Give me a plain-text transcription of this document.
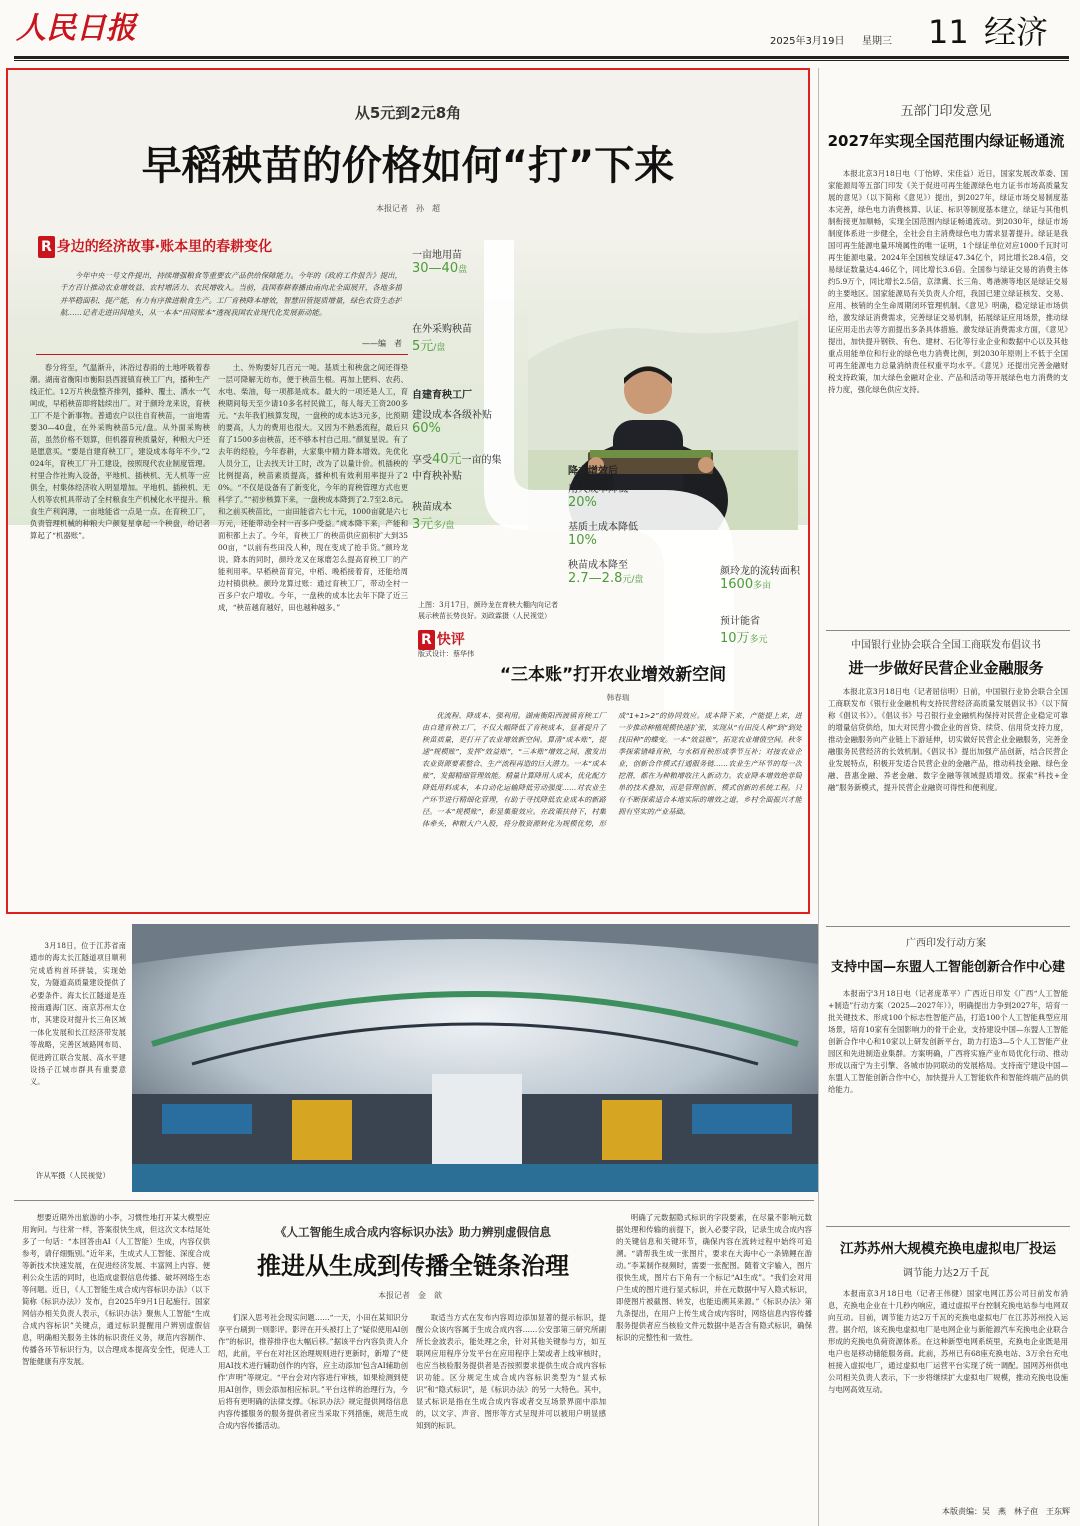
人民日报	2025年3月19日	星期三	11 经济
从5元到2元8角
早稻秧苗的价格如何“打”下来
本报记者　孙　超
R 身边的经济故事·账本里的春耕变化

今年中央一号文件提出，持续增强粮食等重要农产品供给保障能力。今年的《政府工作报告》提出，千方百计推动农业增效益、农村增活力、农民增收入。当前，我国春耕春播由南向北全面展开，各地多措并举稳面积、提产能，有力有序推进粮食生产。工厂育秧降本增效，智慧田管提质增量，绿色农资生态护航……记者走进田间地头，从一本本“田间账本”透视我国农业现代化发展新动能。

——编　者

春分将至，气温渐升，沐浴过春雨的土地呼吸着春潮。湖南省衡阳市衡阳县西渡镇育秧工厂内，播种生产线正忙。12万片秧盘整齐排列，播种、覆土、洒水一气呵成，早稻秧苗即将陆续出厂。对于颜玲龙来说，育秧工厂不是个新事物。普通农户以往自育秧苗，一亩地需要30—40盘，在外采购秧苗5元/盘。从外面采购秧苗，虽然价格不划算，但机器育秧质量好，种粮大户还是愿意买。“要是自建育秧工厂，建设成本每年不少。”2024年，育秧工厂升工建设，按照现代农业制度管理。村里合作社购入设备，平地机、插秧机、无人机等一应俱全，村集体经济收入明显增加。平地机、插秧机、无人机等农机具带动了全村粮食生产机械化水平提升。粮食生产利润薄，一亩地能省一点是一点。在育秧工厂，负责管理机械的种粮大户颜复星拿起一个秧盘，给记者算起了“机器账”。

土、外购要好几百元一吨。基质土和秧盘之间还得垫一层可降解无纺布，便于秧苗生根。再加上肥料、农药、水电、柴油，每一项都是成本。最大的一项还是人工，育秧期间每天至少请10多名村民做工，每人每天工资200多元。“去年我们核算发现，一盘秧的成本达3元多，比预期的要高，人力的费用也很大。又因为不熟悉流程，最后只育了1500多亩秧苗，还不够本村自己用。”颜复星说。有了去年的经验，今年春耕，大家集中精力降本增效。先优化人员分工，让去找天计工时，改为了以量计价。机插秧的比例提高，秧苗素质提高，播种机有效利用率提升了20%。“不仅是设备有了新变化，今年的育秧管理方式也更科学了。”“初步核算下来，一盘秧成本降到了2.7至2.8元。和之前买秧苗比，一亩田能省六七十元，1000亩就是六七万元，还能带动全村一百多户受益。”成本降下来，产能和面积都上去了。今年，育秧工厂的秧苗供应面积扩大到3500亩，“以前有些田没人种，现在变成了抢手货。”颜玲龙说。降本的同时，颜玲龙又在琢磨怎么提高育秧工厂的产能利用率。早稻秧苗育完，中稻、晚稻接着育，还能给周边村镇供秧。颜玲龙算过账：通过育秧工厂，带动全村一百多户农户增收。今年，一盘秧的成本比去年下降了近三成，“秧苗越育越好，田也越种越多。”

一亩地用苗
30—40盘
在外采购秧苗
5元/盘
自建育秧工厂
建设成本各级补贴
60%
享受40元一亩的集中育秧补贴
秧苗成本
3元多/盘
降本增效后
用人成本降低
20%
基质土成本降低
10%
秧苗成本降至
2.7—2.8元/盘
颜玲龙的流转面积
1600多亩
预计能省
10万多元
上图：3月17日，颜玲龙在育秧大棚内向记者展示秧苗长势良好。刘政霖摄（人民视觉）
版式设计：蔡华伟
R 快评
“三本账”打开农业增效新空间
韩春瑞

优流程、降成本、强利用。湖南衡阳西渡镇育秧工厂由自建育秧工厂，不仅大幅降低了育秧成本，显著提升了秧苗质量，更打开了农业增效新空间。算清“成本账”，提速“规模账”，发挥“效益账”，“三本账”增效之间，激发出农业资源要素整合、生产流程再造的巨大潜力。一本“成本账”，发掘精细管理效能。精量计算降用人成本，优化配方降低用料成本，本自动化运输降低劳动强度……对农业生产环节进行精细化管理，有助于寻找降低农业成本的新路径。一本“规模账”，彰显集聚效应。在政策扶持下，村集体牵头，种粮大户入股，将分散资源转化为规模优势，形成“1+1>2”的协同效应。成本降下来，产能提上来，进一步推动种植规模快速扩张，实现从“有田没人种”到“到处找田种”的蝶变。一本“效益账”，拓宽农业增值空间。秋冬季探索错峰育秧，与水稻育秧形成季节互补；对接农业企业，创新合作模式打通服务链……农业生产环节的每一次挖潜，都在为种粮增收注入新动力。农业降本增效绝非简单的技术叠加，而是管理创新、模式创新的系统工程。只有不断探索适合本地实际的增效之道，乡村全面振兴才能拥有坚实的产业基础。

3月18日，位于江苏省南通市的海太长江隧道项目顺利完成盾构首环拼装，实现始发，为隧道高质量建设提供了必要条件。海太长江隧道是连接南通海门区、南京苏州太仓市，其建设对提升长三角区域一体化发展和长江经济带发展等战略，完善区域路网布局、促进跨江联合发展、高水平建设扬子江城市群具有重要意义。

许从军摄（人民视觉）
五部门印发意见
2027年实现全国范围内绿证畅通流

本报北京3月18日电（丁怡婷、宋佳益）近日，国家发展改革委、国家能源局等五部门印发《关于促进可再生能源绿色电力证书市场高质量发展的意见》（以下简称《意见》）提出，到2027年，绿证市场交易制度基本完善，绿色电力消费核算、认证、标识等制度基本建立，绿证与其他机制衔接更加顺畅，实现全国范围内绿证畅通流动。到2030年，绿证市场制度体系进一步健全，全社会自主消费绿色电力需求显著提升。绿证是我国可再生能源电量环境属性的唯一证明，1个绿证单位对应1000千瓦时可再生能源电量。2024年全国核发绿证47.34亿个，同比增长28.4倍，交易绿证数量达4.46亿个，同比增长3.6倍。全国参与绿证交易的消费主体约5.9万个，同比增长2.5倍，京津冀、长三角、粤港澳等地区是绿证交易的主要地区。国家能源局有关负责人介绍，我国已建立绿证核发、交易、应用、核销的全生命周期闭环管理机制。《意见》明确，稳定绿证市场供给，激发绿证消费需求，完善绿证交易机制，拓展绿证应用场景，推动绿证应用走出去等方面提出多条具体措施。激发绿证消费需求方面，《意见》提出，加快提升钢铁、有色、建材、石化等行业企业和数据中心以及其他重点用能单位和行业的绿色电力消费比例，到2030年原则上不低于全国可再生能源电力总量消纳责任权重平均水平。《意见》还提出完善金融财税支持政策，加大绿色金融对企业、产品和活动等开展绿色电力消费的支持力度，强化绿色供应支持。

中国银行业协会联合全国工商联发布倡议书
进一步做好民营企业金融服务

本报北京3月18日电（记者屈信明）日前，中国银行业协会联合全国工商联发布《银行业金融机构支持民营经济高质量发展倡议书》（以下简称《倡议书》）。《倡议书》号召银行业金融机构保持对民营企业稳定可靠的增量信贷供给，加大对民营小微企业的首贷、续贷、信用贷支持力度，推动金融服务向产业链上下游延伸，切实做好民营企业金融服务，完善金融服务民营经济的长效机制。《倡议书》提出加强产品创新，结合民营企业发展特点，积极开发适合民营企业的金融产品，推动科技金融、绿色金融、普惠金融、养老金融、数字金融等领域提质增效。探索“科技+金融”服务新模式，提升民营企业融资可得性和便利度。

广西印发行动方案
支持中国—东盟人工智能创新合作中心建

本报南宁3月18日电（记者庞革平）广西近日印发《广西“人工智能+制造”行动方案（2025—2027年）》，明确提出力争到2027年，培育一批关键技术、形成100个标志性智能产品，打造100个人工智能典型应用场景，培育10家有全国影响力的骨干企业，支持建设中国—东盟人工智能创新合作中心和10家以上研发创新平台，助力打造3—5个人工智能产业园区和先进制造业集群。方案明确，广西将实施产业布局优化行动、推动形成以南宁为主引擎、各城市协同联动的发展格局。支持南宁建设中国—东盟人工智能创新合作中心，加快提升人工智能软件和智能终端产品的供给能力。

江苏苏州大规模充换电虚拟电厂投运
调节能力达2万千瓦

本报南京3月18日电（记者王伟健）国家电网江苏公司日前发布消息，充换电企业在十几秒内响应，通过虚拟平台控制充换电站参与电网双向互动。目前，调节能力达2万千瓦的充换电虚拟电厂在江苏苏州投入运营。据介绍，该充换电虚拟电厂是电网企业与新能源汽车充换电企业联合形成的充换电负荷资源体系。在这种新型电网系统里，充换电企业既是用电户也是移动储能服务商。此前，苏州已有68座充换电站、3万余台充电桩接入虚拟电厂，通过虚拟电厂运营平台实现了统一调配。国网苏州供电公司相关负责人表示，下一步将继续扩大虚拟电厂规模，推动充换电设施与电网高效互动。

本版责编：吴　燕　林子亱　王东辉

想要近期外出旅游的小李，习惯性地打开某大模型应用询问。与往常一样，答案很快生成，但这次文本结尾处多了一句话：“本回答由AI（人工智能）生成，内容仅供参考，请仔细甄别。”近年来，生成式人工智能、深度合成等新技术快速发展，在促进经济发展、丰富网上内容、便利公众生活的同时，也造成虚假信息传播、破坏网络生态等问题。近日，《人工智能生成合成内容标识办法》（以下简称《标识办法》）发布，自2025年9月1日起施行。国家网信办相关负责人表示，《标识办法》聚焦人工智能“生成合成内容标识”关键点，通过标识提醒用户辨别虚假信息，明确相关服务主体的标识责任义务，规范内容制作、传播各环节标识行为，以合理成本提高安全性，促进人工智能健康有序发展。

《人工智能生成合成内容标识办法》助力辨别虚假信息
推进从生成到传播全链条治理
本报记者　金　歆

们深入思考社会现实问题……“一天，小田在某知识分享平台刷到一则影评。影评在开头被打上了“疑似使用AI创作”的标识，推荐排序也大幅后移。”据该平台内容负责人介绍，此前，平台在对社区治理规则进行更新时，新增了“使用AI技术进行辅助创作的内容，应主动添加‘包含AI辅助创作’声明”等规定。“平台会对内容进行审核，如果检测到使用AI创作，则会添加相应标识。”平台这样的治理行为，今后将有更明确的法律支撑。《标识办法》规定提供网络信息内容传播服务的服务提供者应当采取下列措施，规范生成合成内容传播活动。

取适当方式在发布内容周边添加显著的提示标识，提醒公众该内容属于生成合成内容……公安部第三研究所副所长金波表示，能处理之余，针对其他关键参与方，如互联网应用程序分发平台在应用程序上架或者上线审核时，也应当核验服务提供者是否按照要求提供生成合成内容标识功能。区分规定生成合成内容标识类型为“显式标识”和“隐式标识”，是《标识办法》的另一大特色。其中，显式标识是指在生成合成内容或者交互场景界面中添加的，以文字、声音、图形等方式呈现并可以被用户明显感知到的标识。

明确了元数据隐式标识的字段要素，在尽量不影响元数据处理和传输的前提下，嵌入必要字段，记录生成合成内容的关键信息和关键环节，确保内容在流转过程中始终可追溯。“请帮我生成一张图片，要求在大海中心一条锦鲤在游动。”李某制作视频时，需要一张配图。随着文字输入，图片很快生成，图片右下角有一个标记“AI生成”。“我们会对用户生成的图片进行显式标识，并在元数据中写入隐式标识，即使图片被截图、转发，也能追溯其来源。”《标识办法》第九条提出，在用户上传生成合成内容时，网络信息内容传播服务提供者应当核验文件元数据中是否含有隐式标识，确保标识的完整性和一致性。
